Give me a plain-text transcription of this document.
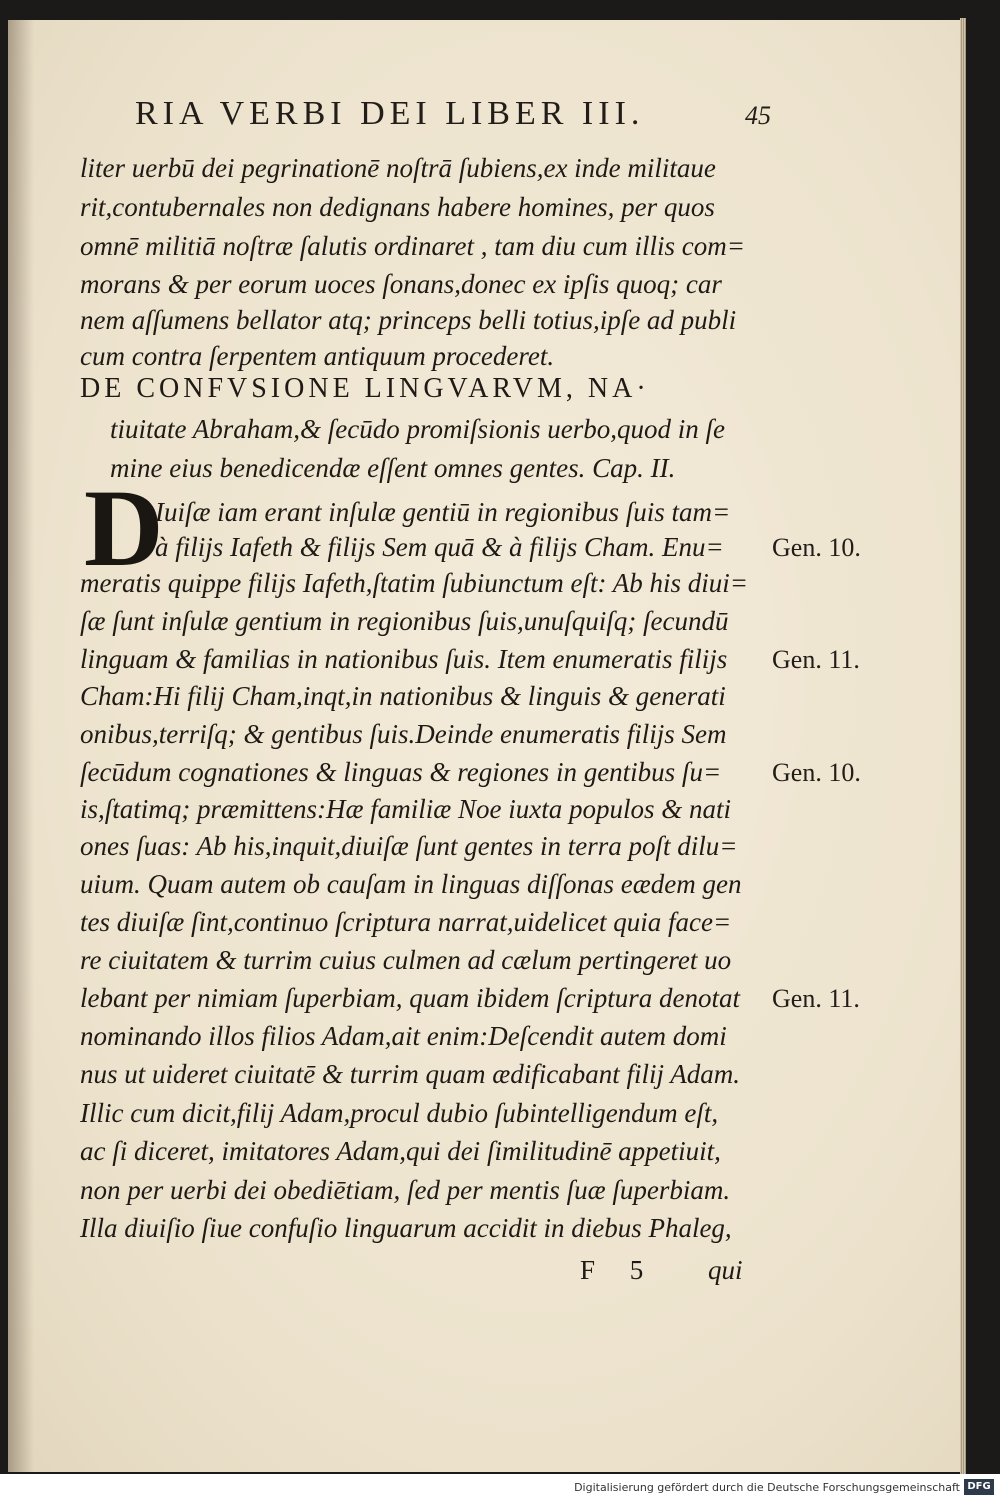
RIA VERBI DEI LIBER III.	45
liter uerbū dei pegrinationē noſtrā ſubiens,ex inde militaue
rit,contubernales non dedignans habere homines, per quos
omnē militiā noſtræ ſalutis ordinaret , tam diu cum illis com=
morans & per eorum uoces ſonans,donec ex ipſis quoq; car
nem aſſumens bellator atq; princeps belli totius,ipſe ad publi
cum contra ſerpentem antiquum procederet.
DE CONFVSIONE LINGVARVM, NA·
tiuitate Abraham,& ſecūdo promiſsionis uerbo,quod in ſe
mine eius benedicendæ eſſent omnes gentes. Cap. II.
D
Iuiſæ iam erant inſulæ gentiū in regionibus ſuis tam=
à filijs Iafeth & filijs Sem quā & à filijs Cham. Enu=
meratis quippe filijs Iafeth,ſtatim ſubiunctum eſt: Ab his diui=
ſæ ſunt inſulæ gentium in regionibus ſuis,unuſquiſq; ſecundū
linguam & familias in nationibus ſuis. Item enumeratis filijs
Cham:Hi filij Cham,inqt,in nationibus & linguis & generati
onibus,terriſq; & gentibus ſuis.Deinde enumeratis filijs Sem
ſecūdum cognationes & linguas & regiones in gentibus ſu=
is,ſtatimq; præmittens:Hæ familiæ Noe iuxta populos & nati
ones ſuas: Ab his,inquit,diuiſæ ſunt gentes in terra poſt dilu=
uium. Quam autem ob cauſam in linguas diſſonas eædem gen
tes diuiſæ ſint,continuo ſcriptura narrat,uidelicet quia face=
re ciuitatem & turrim cuius culmen ad cælum pertingeret uo
lebant per nimiam ſuperbiam, quam ibidem ſcriptura denotat
nominando illos filios Adam,ait enim:Deſcendit autem domi
nus ut uideret ciuitatē & turrim quam ædificabant filij Adam.
Illic cum dicit,filij Adam,procul dubio ſubintelligendum eſt,
ac ſi diceret, imitatores Adam,qui dei ſimilitudinē appetiuit,
non per uerbi dei obediētiam, ſed per mentis ſuæ ſuperbiam.
Illa diuiſio ſiue confuſio linguarum accidit in diebus Phaleg,
Gen. 10.
Gen. 11.
Gen. 10.
Gen. 11.
F 5 qui
Digitalisierung gefördert durch die Deutsche Forschungsgemeinschaft DFG
